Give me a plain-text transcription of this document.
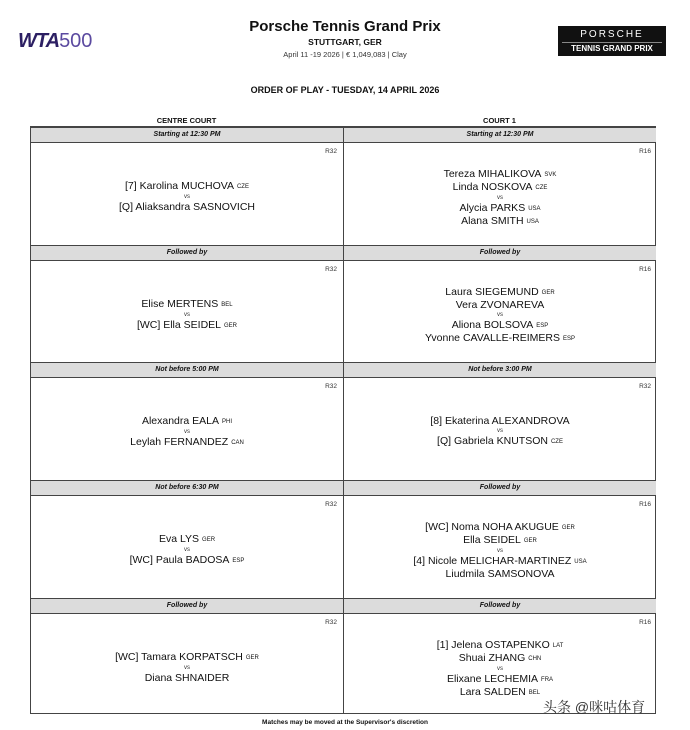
WTA500
Porsche Tennis Grand Prix
STUTTGART, GER
April 11 -19 2026 | € 1,049,083 | Clay
PORSCHE
TENNIS GRAND PRIX
ORDER OF PLAY - TUESDAY, 14 APRIL 2026
CENTRE COURT	COURT 1
Starting at 12:30 PM
R32
[7] Karolina MUCHOVA CZE
vs
[Q] Aliaksandra SASNOVICH
Followed by
R32
Elise MERTENS BEL
vs
[WC] Ella SEIDEL GER
Not before 5:00 PM
R32
Alexandra EALA PHI
vs
Leylah FERNANDEZ CAN
Not before 6:30 PM
R32
Eva LYS GER
vs
[WC] Paula BADOSA ESP
Followed by
R32
[WC] Tamara KORPATSCH GER
vs
Diana SHNAIDER
Starting at 12:30 PM
R16
Tereza MIHALIKOVA SVK
Linda NOSKOVA CZE
vs
Alycia PARKS USA
Alana SMITH USA
Followed by
R16
Laura SIEGEMUND GER
Vera ZVONAREVA
vs
Aliona BOLSOVA ESP
Yvonne CAVALLE-REIMERS ESP
Not before 3:00 PM
R32
[8] Ekaterina ALEXANDROVA
vs
[Q] Gabriela KNUTSON CZE
Followed by
R16
[WC] Noma NOHA AKUGUE GER
Ella SEIDEL GER
vs
[4] Nicole MELICHAR-MARTINEZ USA
Liudmila SAMSONOVA
Followed by
R16
[1] Jelena OSTAPENKO LAT
Shuai ZHANG CHN
vs
Elixane LECHEMIA FRA
Lara SALDEN BEL
Matches may be moved at the Supervisor's discretion
头条 @咪咕体育
